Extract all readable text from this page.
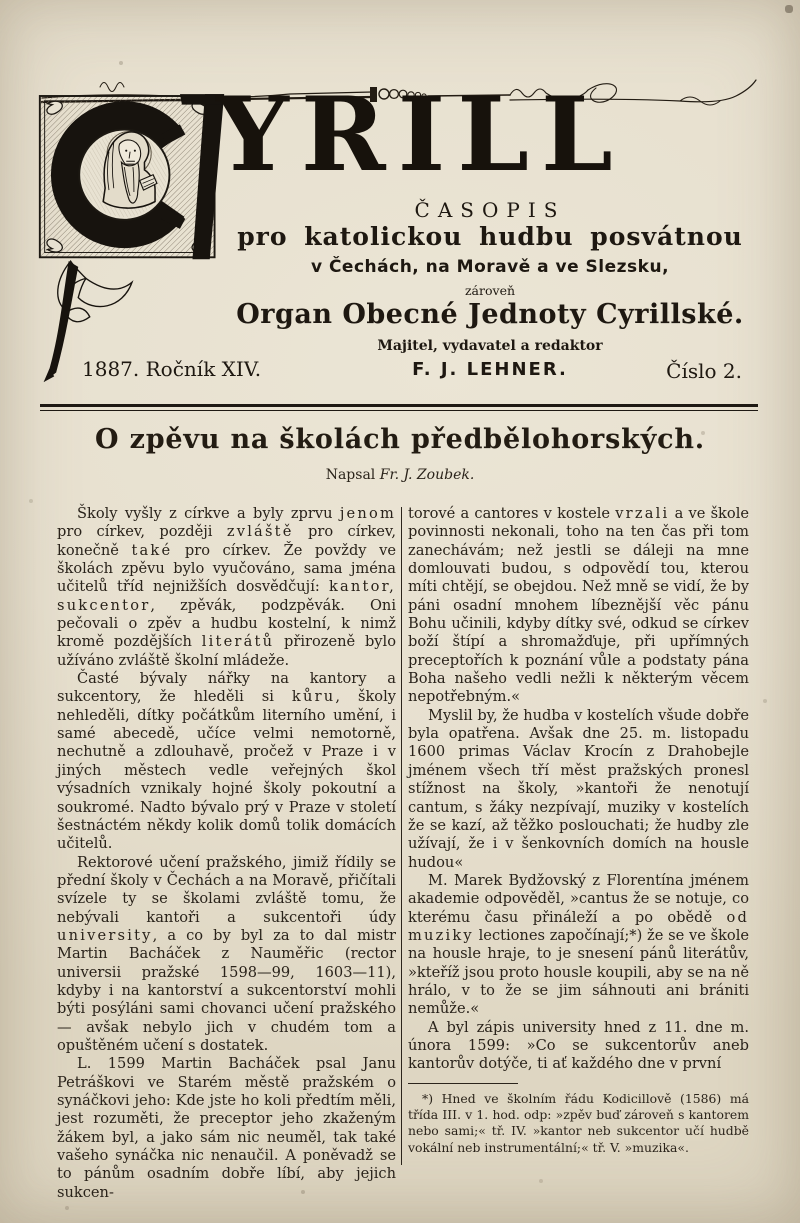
YRILL
ČASOPIS
pro katolickou hudbu posvátnou
v Čechách, na Moravě a ve Slezsku,
zároveň
Organ Obecné Jednoty Cyrillské.
Majitel, vydavatel a redaktor
F. J. LEHNER.
1887. Ročník XIV.	Číslo 2.
O zpěvu na školách předbělohorských.
Napsal Fr. J. Zoubek.

Školy vyšly z církve a byly zprvu jenom pro církev, později zvláště pro církev, konečně také pro církev. Že povždy ve školách zpěvu bylo vyučováno, sama jména učitelů tříd nejnižších dosvědčují: kantor, sukcentor, zpěvák, podzpěvák. Oni pečovali o zpěv a hudbu kostelní, k nimž kromě pozdějších literátů přirozeně bylo užíváno zvláště školní mládeže.

Časté bývaly nářky na kantory a sukcentory, že hleděli si kůru, školy nehleděli, dítky počátkům literního umění, i samé abecedě, učíce velmi nemotorně, nechutně a zdlouhavě, pročež v Praze i v jiných městech vedle veřejných škol výsadních vznikaly hojné školy pokoutní a soukromé. Nadto bývalo prý v Praze v století šestnáctém někdy kolik domů tolik domácích učitelů.

Rektorové učení pražského, jimiž řídily se přední školy v Čechách a na Moravě, přičítali svízele ty se školami zvláště tomu, že nebývali kantoři a sukcentoři údy university, a co by byl za to dal mistr Martin Bacháček z Nauměřic (rector universii pražské 1598—99, 1603—11), kdyby i na kantorství a sukcentorství mohli býti posýláni sami chovanci učení pražského — avšak nebylo jich v chudém tom a opuštěném učení s dostatek.

L. 1599 Martin Bacháček psal Janu Petráškovi ve Starém městě pražském o synáčkovi jeho: Kde jste ho koli předtím měli, jest rozuměti, že preceptor jeho zkaženým žákem byl, a jako sám nic neuměl, tak také vašeho synáčka nic nenaučil. A poněvadž se to pánům osadním dobře líbí, aby jejich sukcen-

torové a cantores v kostele vrzali a ve škole povinnosti nekonali, toho na ten čas při tom zanechávám; než jestli se dáleji na mne domlouvati budou, s odpovědí tou, kterou míti chtějí, se obejdou. Než mně se vidí, že by páni osadní mnohem líbeznější věc pánu Bohu učinili, kdyby dítky své, odkud se církev boží štípí a shromažďuje, při upřímných preceptořích k poznání vůle a podstaty pána Boha našeho vedli nežli k některým věcem nepotřebným.«

Myslil by, že hudba v kostelích všude dobře byla opatřena. Avšak dne 25. m. listopadu 1600 primas Václav Krocín z Drahobejle jménem všech tří měst pražských pronesl stížnost na školy, »kantoři že nenotují cantum, s žáky nezpívají, muziky v kostelích že se kazí, až těžko poslouchati; že hudby zle užívají, že i v šenkovních domích na housle hudou«

M. Marek Bydžovský z Florentína jménem akademie odpověděl, »cantus že se notuje, co kterému času přináleží a po obědě od muziky lectiones započínají;*) že se ve škole na housle hraje, to je snesení pánů literátův, »kteříž jsou proto housle koupili, aby se na ně hrálo, v to že se jim sáhnouti ani brániti nemůže.«

A byl zápis university hned z 11. dne m. února 1599: »Co se sukcentorův aneb kantorův dotýče, ti ať každého dne v první

*) Hned ve školním řádu Kodicillově (1586) má třída III. v 1. hod. odp: »zpěv buď zároveň s kantorem nebo sami;« tř. IV. »kantor neb sukcentor učí hudbě vokální neb instrumentální;« tř. V. »muzika«.
